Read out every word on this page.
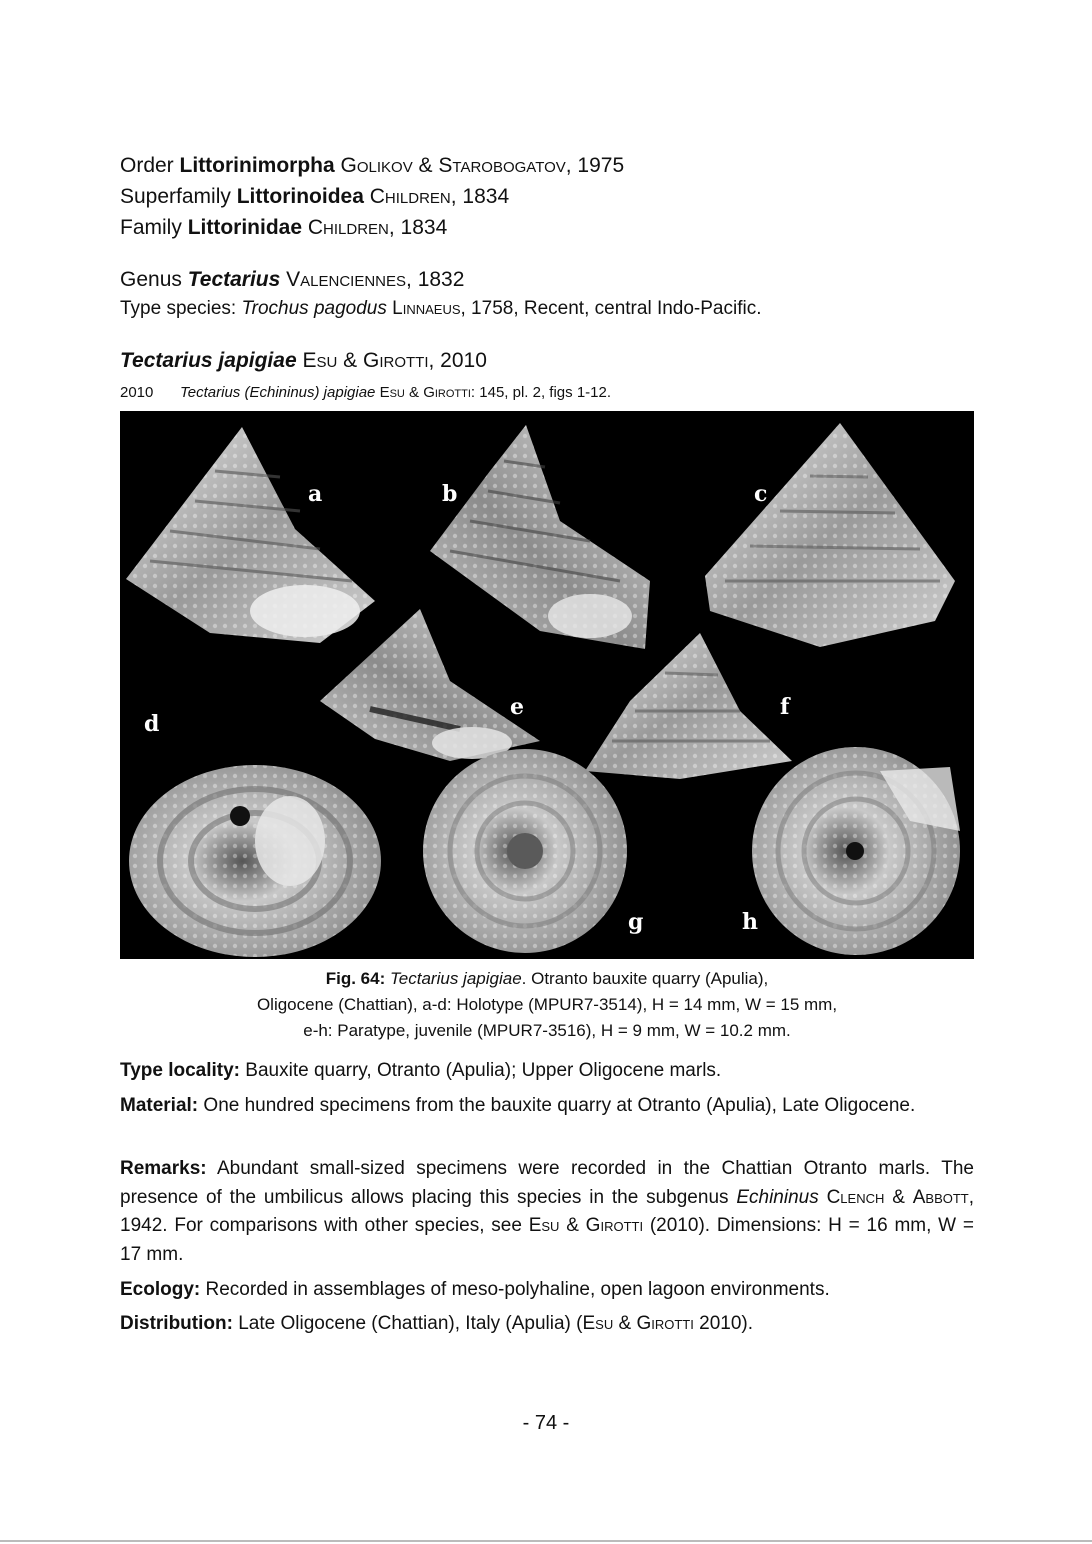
Order Littorinimorpha Golikov & Starobogatov, 1975
Superfamily Littorinoidea Children, 1834
Family Littorinidae Children, 1834
Genus Tectarius Valenciennes, 1832
Type species: Trochus pagodus Linnaeus, 1758, Recent, central Indo-Pacific.
Tectarius japigiae Esu & Girotti, 2010
2010 Tectarius (Echininus) japigiae Esu & Girotti: 145, pl. 2, figs 1-12.
a	b	c
d
e	f
g	h
Fig. 64: Tectarius japigiae. Otranto bauxite quarry (Apulia),
Oligocene (Chattian), a-d: Holotype (MPUR7-3514), H = 14 mm, W = 15 mm,
e-h: Paratype, juvenile (MPUR7-3516), H = 9 mm, W = 10.2 mm.
Type locality: Bauxite quarry, Otranto (Apulia); Upper Oligocene marls.
Material: One hundred specimens from the bauxite quarry at Otranto (Apulia), Late Oligocene.
Remarks: Abundant small-sized specimens were recorded in the Chattian Otranto marls. The presence of the umbilicus allows placing this species in the subgenus Echininus Clench & Abbott, 1942. For comparisons with other species, see Esu & Girotti (2010). Dimensions: H = 16 mm, W = 17 mm.
Ecology: Recorded in assemblages of meso-polyhaline, open lagoon environments.
Distribution: Late Oligocene (Chattian), Italy (Apulia) (Esu & Girotti 2010).
- 74 -
